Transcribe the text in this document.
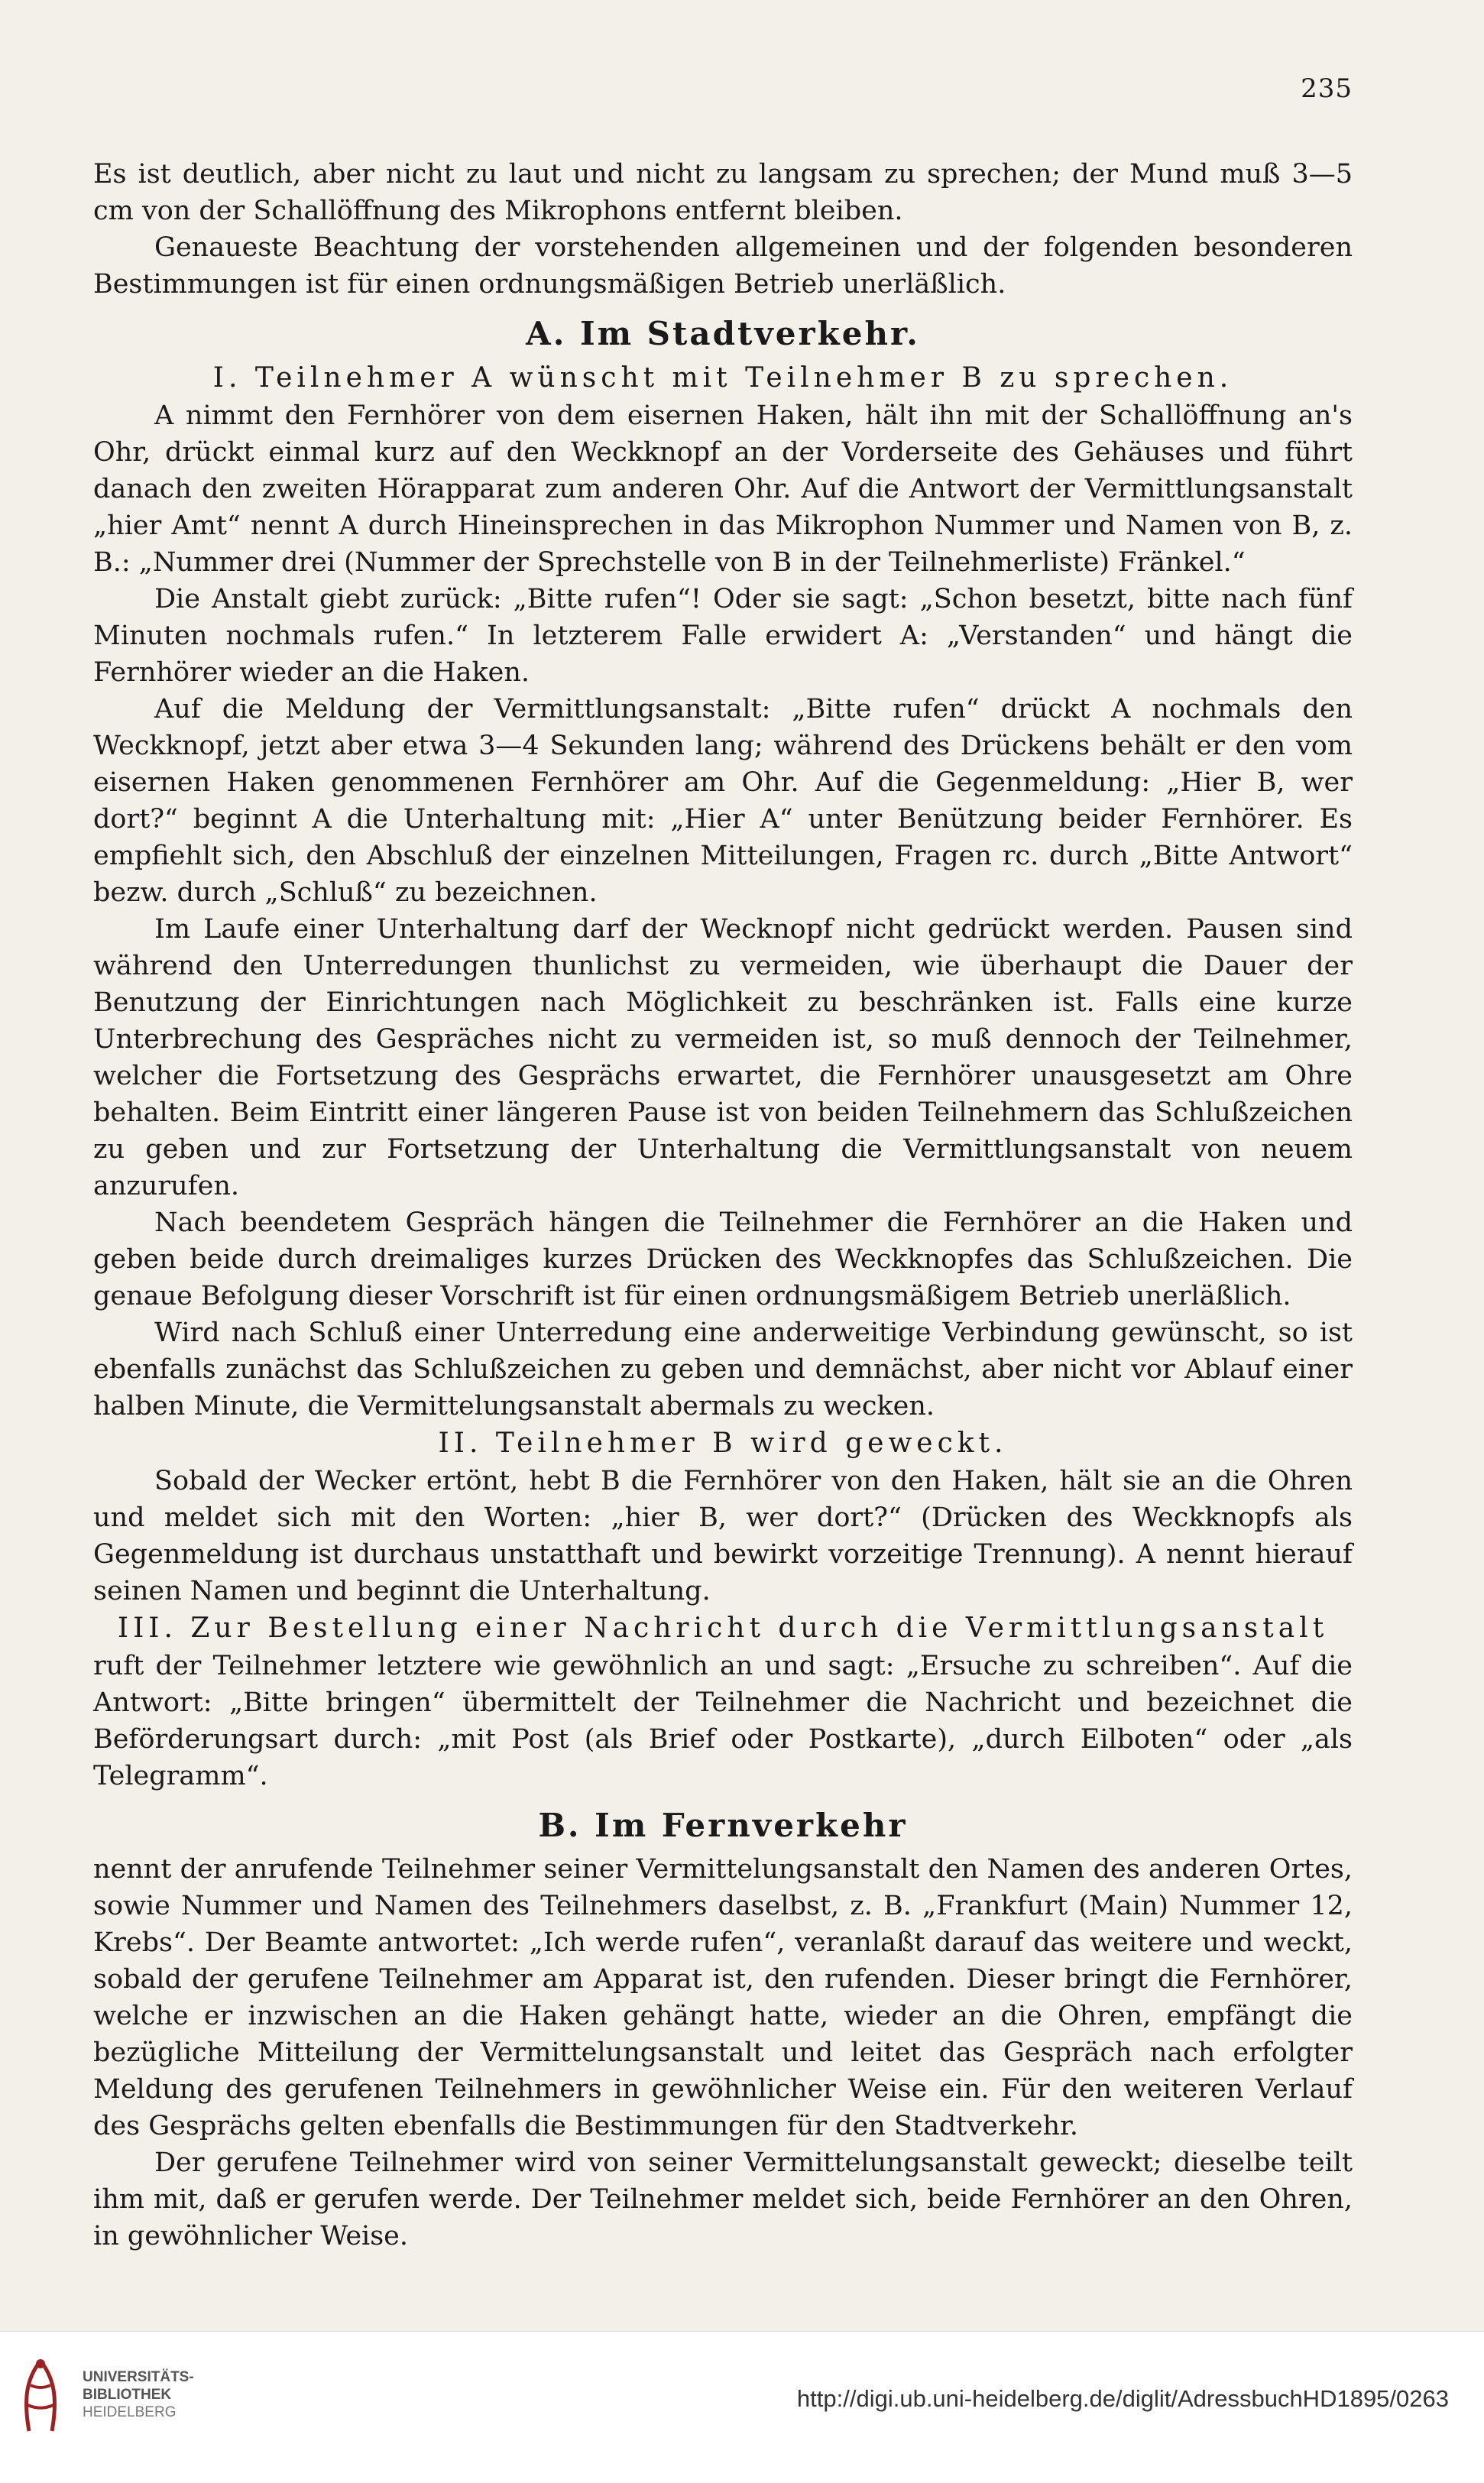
235

Es ist deutlich, aber nicht zu laut und nicht zu langsam zu sprechen; der Mund muß 3—5 cm von der Schallöffnung des Mikrophons entfernt bleiben.

Genaueste Beachtung der vorstehenden allgemeinen und der folgenden besonderen Bestimmungen ist für einen ordnungsmäßigen Betrieb unerläßlich.

A. Im Stadtverkehr.
I. Teilnehmer A wünscht mit Teilnehmer B zu sprechen.

A nimmt den Fernhörer von dem eisernen Haken, hält ihn mit der Schallöffnung an's Ohr, drückt einmal kurz auf den Weckknopf an der Vorderseite des Gehäuses und führt danach den zweiten Hörapparat zum anderen Ohr. Auf die Antwort der Vermittlungsanstalt „hier Amt“ nennt A durch Hineinsprechen in das Mikrophon Nummer und Namen von B, z. B.: „Nummer drei (Nummer der Sprechstelle von B in der Teilnehmerliste) Fränkel.“

Die Anstalt giebt zurück: „Bitte rufen“! Oder sie sagt: „Schon besetzt, bitte nach fünf Minuten nochmals rufen.“ In letzterem Falle erwidert A: „Verstanden“ und hängt die Fernhörer wieder an die Haken.

Auf die Meldung der Vermittlungsanstalt: „Bitte rufen“ drückt A nochmals den Weckknopf, jetzt aber etwa 3—4 Sekunden lang; während des Drückens behält er den vom eisernen Haken genommenen Fernhörer am Ohr. Auf die Gegenmeldung: „Hier B, wer dort?“ beginnt A die Unterhaltung mit: „Hier A“ unter Benützung beider Fernhörer. Es empfiehlt sich, den Abschluß der einzelnen Mitteilungen, Fragen rc. durch „Bitte Antwort“ bezw. durch „Schluß“ zu bezeichnen.

Im Laufe einer Unterhaltung darf der Wecknopf nicht gedrückt werden. Pausen sind während den Unterredungen thunlichst zu vermeiden, wie überhaupt die Dauer der Benutzung der Einrichtungen nach Möglichkeit zu beschränken ist. Falls eine kurze Unterbrechung des Gespräches nicht zu vermeiden ist, so muß dennoch der Teilnehmer, welcher die Fortsetzung des Gesprächs erwartet, die Fernhörer unausgesetzt am Ohre behalten. Beim Eintritt einer längeren Pause ist von beiden Teilnehmern das Schlußzeichen zu geben und zur Fortsetzung der Unterhaltung die Vermittlungsanstalt von neuem anzurufen.

Nach beendetem Gespräch hängen die Teilnehmer die Fernhörer an die Haken und geben beide durch dreimaliges kurzes Drücken des Weckknopfes das Schlußzeichen. Die genaue Befolgung dieser Vorschrift ist für einen ordnungsmäßigem Betrieb unerläßlich.

Wird nach Schluß einer Unterredung eine anderweitige Verbindung gewünscht, so ist ebenfalls zunächst das Schlußzeichen zu geben und demnächst, aber nicht vor Ablauf einer halben Minute, die Vermittelungsanstalt abermals zu wecken.

II. Teilnehmer B wird geweckt.

Sobald der Wecker ertönt, hebt B die Fernhörer von den Haken, hält sie an die Ohren und meldet sich mit den Worten: „hier B, wer dort?“ (Drücken des Weckknopfs als Gegenmeldung ist durchaus unstatthaft und bewirkt vorzeitige Trennung). A nennt hierauf seinen Namen und beginnt die Unterhaltung.

III. Zur Bestellung einer Nachricht durch die Vermittlungsanstalt

ruft der Teilnehmer letztere wie gewöhnlich an und sagt: „Ersuche zu schreiben“. Auf die Antwort: „Bitte bringen“ übermittelt der Teilnehmer die Nachricht und bezeichnet die Beförderungsart durch: „mit Post (als Brief oder Postkarte), „durch Eilboten“ oder „als Telegramm“.

B. Im Fernverkehr

nennt der anrufende Teilnehmer seiner Vermittelungsanstalt den Namen des anderen Ortes, sowie Nummer und Namen des Teilnehmers daselbst, z. B. „Frankfurt (Main) Nummer 12, Krebs“. Der Beamte antwortet: „Ich werde rufen“, veranlaßt darauf das weitere und weckt, sobald der gerufene Teilnehmer am Apparat ist, den rufenden. Dieser bringt die Fernhörer, welche er inzwischen an die Haken gehängt hatte, wieder an die Ohren, empfängt die bezügliche Mitteilung der Vermittelungsanstalt und leitet das Gespräch nach erfolgter Meldung des gerufenen Teilnehmers in gewöhnlicher Weise ein. Für den weiteren Verlauf des Gesprächs gelten ebenfalls die Bestimmungen für den Stadtverkehr.

Der gerufene Teilnehmer wird von seiner Vermittelungsanstalt geweckt; dieselbe teilt ihm mit, daß er gerufen werde. Der Teilnehmer meldet sich, beide Fernhörer an den Ohren, in gewöhnlicher Weise.

UNIVERSITÄTS-
BIBLIOTHEK
HEIDELBERG
http://digi.ub.uni-heidelberg.de/diglit/AdressbuchHD1895/0263
